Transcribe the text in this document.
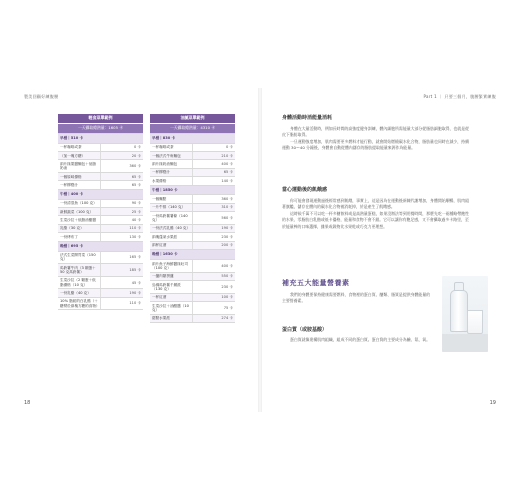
製美回顧好練腹腰
輕食菜單範例	
一天攝取總熱量：1605 卡	
早餐｜510 卡	
一杯咖啡或茶	0 卡
（加一塊方糖）	20 卡
兩片抹果醬麵包＋低脂奶油	360 卡
一個原味優格	65 卡
一杯柳橙汁	65 卡
午餐｜400 卡	
一份清蒸魚（100 克）	90 卡
新鮮蔬菜（100 克）	25 卡
生菜沙拉＋低脂油醋醬	40 卡
乳酪（30 克）	110 卡
一份烤布丁	130 卡
晚餐｜695 卡	
法式生菜開胃菜（150 克）	165 卡
馬鈴薯牛肉（3 顆蛋＋50 克馬鈴薯）	185 卡
生菜沙拉（2 顆蛋＋低脂優格（10 克）	45 卡
一份乳酪（40 克）	190 卡
10% 脂肪的白乳酪（＋糖漿於兩塊方糖的食物）	110 卡
油膩菜單範例	
一天攝取總熱量：4310 卡	
早餐｜830 卡	
一杯咖啡或茶	0 卡
一個法式牛角麵包	210 卡
兩片抹奶油麵包	400 卡
一杯柳橙汁	65 卡
水果優格	140 卡
午餐｜1850 卡	
一個麵點	360 卡
一片牛排（140 克）	310 卡
一份馬鈴薯薯條（140 克）	560 卡
一份法式乳酪（40 克）	190 卡
兩塊蓬萊水果派	230 卡
兩杯紅酒	200 卡
晚餐｜1630 卡	
兩片魚子海鮮醬抹吐司（100 克）	400 卡
一盤肉類拼盤	550 卡
烏佛馬鈴薯千層派（130 克）	230 卡
一杯紅酒	100 卡
生菜沙拉＋油醋醬（10 克）	75 卡
甜點水果派	274 卡
18
Part 1 ｜ 只要三個月，腹腰緊實練腹
身體活動時消能量消耗
身體在大量活動時，例如長時間的高強度健身訓練，體內細胞所需能量大部分從脂肪細胞取得，也就是從皮下脂肪取得。
一旦運動強度增加，肌肉需要更多燃料才能行動，就會開始燃燒碳水化合物，脂肪量也同時在減少，持續運動 30～40 分鐘後，身體會自動從體內儲存的脂肪提取能量來源作為能量。
當心運動後的飢餓感
你可能會發現運動過後經常感到飢餓，事實上，這是因為在運動後新陳代謝增加，身體開始順暢，肌肉組著旗艦，儲存在體內的碳水化合物被消耗掉，於是產生了飢餓感。
這時候千萬不可以吃一杯多糖飲料或是高熱量蛋糕，如果沒辦法等到用餐時間，那麼先吃一兩種略帶飽性的水果、零脂肪白乳酪或低卡優格，能量和食物不會不錯。它可以讓你有飽足感，又不會攝取過多卡路里，至於能量棒的口味選擇，雖果或穀物比水果乾或巧克力更理想。
補充五大能量營養素
我們的身體要保持健康需要燃料，食物裡的蛋白質、醣類、脂質是提供身體能量的主要營養素。
蛋白質（或胺基酸）
蛋白質就像建構肌肉組織，組成不同的蛋白質。蛋白質的主要成分為鹼、氨、氧。
19
